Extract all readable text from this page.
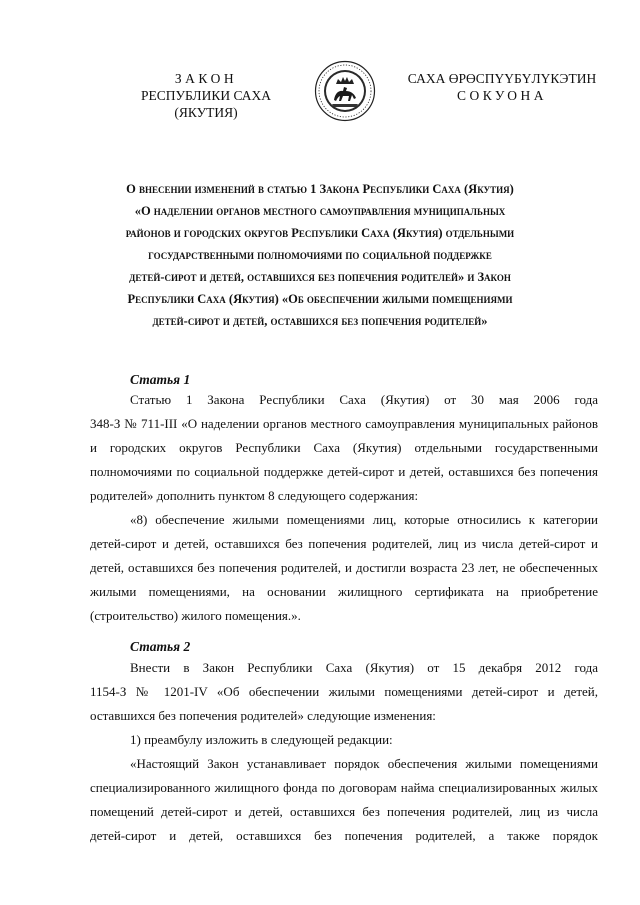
ЗАКОН
РЕСПУБЛИКИ САХА (ЯКУТИЯ)
САХА ӨРӨСПҮҮБҮЛҮКЭТИН
СОКУОНА
О внесении изменений в статью 1 Закона Республики Саха (Якутия)
«О наделении органов местного самоуправления муниципальных
районов и городских округов Республики Саха (Якутия) отдельными
государственными полномочиями по социальной поддержке
детей-сирот и детей, оставшихся без попечения родителей» и Закон
Республики Саха (Якутия) «Об обеспечении жилыми помещениями
детей-сирот и детей, оставшихся без попечения родителей»
Статья 1
Статью 1 Закона Республики Саха (Якутия) от 30 мая 2006 года
348-З № 711-III «О наделении органов местного самоуправления муниципальных районов
и городских округов Республики Саха (Якутия) отдельными государственными
полномочиями по социальной поддержке детей-сирот и детей, оставшихся без попечения
родителей» дополнить пунктом 8 следующего содержания:
«8) обеспечение жилыми помещениями лиц, которые относились к категории
детей-сирот и детей, оставшихся без попечения родителей, лиц из числа детей-сирот и
детей, оставшихся без попечения родителей, и достигли возраста 23 лет, не обеспеченных
жилыми помещениями, на основании жилищного сертификата на приобретение
(строительство) жилого помещения.».
Статья 2
Внести в Закон Республики Саха (Якутия) от 15 декабря 2012 года
1154-З № 1201-IV «Об обеспечении жилыми помещениями детей-сирот и детей,
оставшихся без попечения родителей» следующие изменения:
1) преамбулу изложить в следующей редакции:
«Настоящий Закон устанавливает порядок обеспечения жилыми помещениями
специализированного жилищного фонда по договорам найма специализированных жилых
помещений детей-сирот и детей, оставшихся без попечения родителей, лиц из числа
детей-сирот и детей, оставшихся без попечения родителей, а также порядок
